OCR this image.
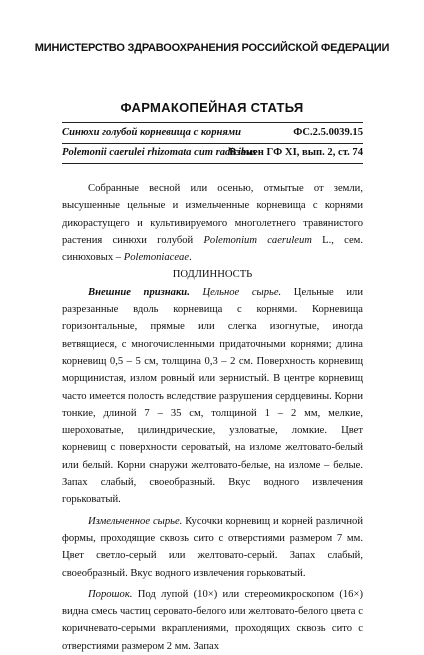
МИНИСТЕРСТВО ЗДРАВООХРАНЕНИЯ РОССИЙСКОЙ ФЕДЕРАЦИИ
ФАРМАКОПЕЙНАЯ СТАТЬЯ
Синюхи голубой корневища с корнями	ФС.2.5.0039.15
Polemonii caerulei rhizomata cum radicibus
Взамен ГФ XI, вып. 2, ст. 74

Собранные весной или осенью, отмытые от земли, высушенные цельные и измельченные корневища с корнями дикорастущего и культивируемого многолетнего травянистого растения синюхи голубой Polemonium caeruleum L., сем. синюховых – Polemoniaceae.

ПОДЛИННОСТЬ

Внешние признаки. Цельное сырье. Цельные или разрезанные вдоль корневища с корнями. Корневища горизонтальные, прямые или слегка изогнутые, иногда ветвящиеся, с многочисленными придаточными корнями; длина корневищ 0,5 – 5 см, толщина 0,3 – 2 см. Поверхность корневищ морщинистая, излом ровный или зернистый. В центре корневищ часто имеется полость вследствие разрушения сердцевины. Корни тонкие, длиной 7 – 35 см, толщиной 1 – 2 мм, мелкие, шероховатые, цилиндрические, узловатые, ломкие. Цвет корневищ с поверхности сероватый, на изломе желтовато-белый или белый. Корни снаружи желтовато-белые, на изломе – белые. Запах слабый, своеобразный. Вкус водного извлечения горьковатый.

Измельченное сырье. Кусочки корневищ и корней различной формы, проходящие сквозь сито с отверстиями размером 7 мм. Цвет светло-серый или желтовато-серый. Запах слабый, своеобразный. Вкус водного извлечения горьковатый.

Порошок. Под лупой (10×) или стереомикроскопом (16×) видна смесь частиц серовато-белого или желтовато-белого цвета с коричневато-серыми вкраплениями, проходящих сквозь сито с отверстиями размером 2 мм. Запах
